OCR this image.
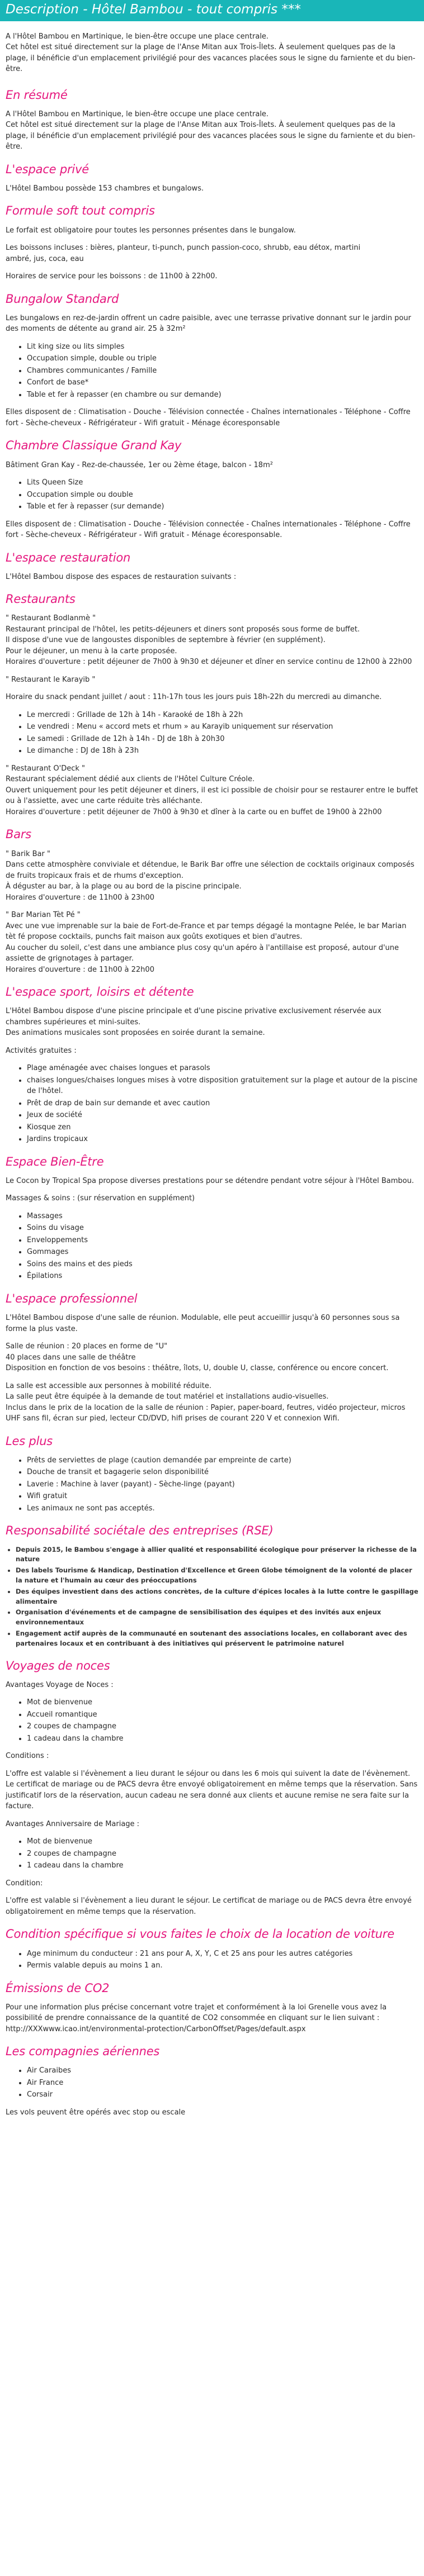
Description - Hôtel Bambou - tout compris ***

A l'Hôtel Bambou en Martinique, le bien-être occupe une place centrale.
Cet hôtel est situé directement sur la plage de l'Anse Mitan aux Trois-Îlets. À seulement quelques pas de la plage, il bénéficie d'un emplacement privilégié pour des vacances placées sous le signe du farniente et du bien-être.

En résumé

A l'Hôtel Bambou en Martinique, le bien-être occupe une place centrale.
Cet hôtel est situé directement sur la plage de l'Anse Mitan aux Trois-Îlets. À seulement quelques pas de la plage, il bénéficie d'un emplacement privilégié pour des vacances placées sous le signe du farniente et du bien-être.

L'espace privé

L'Hôtel Bambou possède 153 chambres et bungalows.

Formule soft tout compris

Le forfait est obligatoire pour toutes les personnes présentes dans le bungalow.

Les boissons incluses : bières, planteur, ti-punch, punch passion-coco, shrubb, eau détox, martini
ambré, jus, coca, eau

Horaires de service pour les boissons : de 11h00 à 22h00.

Bungalow Standard

Les bungalows en rez-de-jardin offrent un cadre paisible, avec une terrasse privative donnant sur le jardin pour des moments de détente au grand air. 25 à 32m²

• Lit king size ou lits simples
• Occupation simple, double ou triple
• Chambres communicantes / Famille
• Confort de base*
• Table et fer à repasser (en chambre ou sur demande)

Elles disposent de : Climatisation - Douche - Télévision connectée - Chaînes internationales - Téléphone - Coffre fort - Sèche-cheveux - Réfrigérateur - Wifi gratuit - Ménage écoresponsable

Chambre Classique Grand Kay

Bâtiment Gran Kay - Rez-de-chaussée, 1er ou 2ème étage, balcon - 18m²

• Lits Queen Size
• Occupation simple ou double
• Table et fer à repasser (sur demande)

Elles disposent de : Climatisation - Douche - Télévision connectée - Chaînes internationales - Téléphone - Coffre fort - Sèche-cheveux - Réfrigérateur - Wifi gratuit - Ménage écoresponsable.

L'espace restauration

L'Hôtel Bambou dispose des espaces de restauration suivants :

Restaurants

" Restaurant Bodlanmè "
Restaurant principal de l'hôtel, les petits-déjeuners et diners sont proposés sous forme de buffet.
Il dispose d'une vue de langoustes disponibles de septembre à février (en supplément).
Pour le déjeuner, un menu à la carte proposée.
Horaires d'ouverture : petit déjeuner de 7h00 à 9h30 et déjeuner et dîner en service continu de 12h00 à 22h00

" Restaurant le Karayib "

Horaire du snack pendant juillet / aout : 11h-17h tous les jours puis 18h-22h du mercredi au dimanche.

• Le mercredi : Grillade de 12h à 14h - Karaoké de 18h à 22h
• Le vendredi : Menu « accord mets et rhum » au Karayib uniquement sur réservation
• Le samedi : Grillade de 12h à 14h - DJ de 18h à 20h30
• Le dimanche : DJ de 18h à 23h

" Restaurant O'Deck "
Restaurant spécialement dédié aux clients de l'Hôtel Culture Créole.
Ouvert uniquement pour les petit déjeuner et diners, il est ici possible de choisir pour se restaurer entre le buffet ou à l'assiette, avec une carte réduite très alléchante.
Horaires d'ouverture : petit déjeuner de 7h00 à 9h30 et dîner à la carte ou en buffet de 19h00 à 22h00

Bars

" Barik Bar "
Dans cette atmosphère conviviale et détendue, le Barik Bar offre une sélection de cocktails originaux composés de fruits tropicaux frais et de rhums d'exception.
À déguster au bar, à la plage ou au bord de la piscine principale.
Horaires d'ouverture : de 11h00 à 23h00

" Bar Marian Tèt Pé "
Avec une vue imprenable sur la baie de Fort-de-France et par temps dégagé la montagne Pelée, le bar Marian tèt fé propose cocktails, punchs fait maison aux goûts exotiques et bien d'autres.
Au coucher du soleil, c'est dans une ambiance plus cosy qu'un apéro à l'antillaise est proposé, autour d'une assiette de grignotages à partager.
Horaires d'ouverture : de 11h00 à 22h00

L'espace sport, loisirs et détente

L'Hôtel Bambou dispose d'une piscine principale et d'une piscine privative exclusivement réservée aux chambres supérieures et mini-suites.
Des animations musicales sont proposées en soirée durant la semaine.

Activités gratuites :

• Plage aménagée avec chaises longues et parasols
• chaises longues/chaises longues mises à votre disposition gratuitement sur la plage et autour de la piscine de l'hôtel.
• Prêt de drap de bain sur demande et avec caution
• Jeux de société
• Kiosque zen
• Jardins tropicaux
Espace Bien-Être

Le Cocon by Tropical Spa propose diverses prestations pour se détendre pendant votre séjour à l'Hôtel Bambou.

Massages & soins : (sur réservation en supplément)

• Massages
• Soins du visage
• Enveloppements
• Gommages
• Soins des mains et des pieds
• Épilations
L'espace professionnel

L'Hôtel Bambou dispose d'une salle de réunion. Modulable, elle peut accueillir jusqu'à 60 personnes sous sa forme la plus vaste.

Salle de réunion : 20 places en forme de "U"
40 places dans une salle de théâtre
Disposition en fonction de vos besoins : théâtre, îlots, U, double U, classe, conférence ou encore concert.

La salle est accessible aux personnes à mobilité réduite.
La salle peut être équipée à la demande de tout matériel et installations audio-visuelles.
Inclus dans le prix de la location de la salle de réunion : Papier, paper-board, feutres, vidéo projecteur, micros UHF sans fil, écran sur pied, lecteur CD/DVD, hifi prises de courant 220 V et connexion Wifi.

Les plus
• Prêts de serviettes de plage (caution demandée par empreinte de carte)
• Douche de transit et bagagerie selon disponibilité
• Laverie : Machine à laver (payant) - Sèche-linge (payant)
• Wifi gratuit
• Les animaux ne sont pas acceptés.
Responsabilité sociétale des entreprises (RSE)
• Depuis 2015, le Bambou s'engage à allier qualité et responsabilité écologique pour préserver la richesse de la nature
• Des labels Tourisme & Handicap, Destination d'Excellence et Green Globe témoignent de la volonté de placer la nature et l'humain au cœur des préoccupations
• Des équipes investient dans des actions concrètes, de la culture d'épices locales à la lutte contre le gaspillage alimentaire
• Organisation d'événements et de campagne de sensibilisation des équipes et des invités aux enjeux environnementaux
• Engagement actif auprès de la communauté en soutenant des associations locales, en collaborant avec des partenaires locaux et en contribuant à des initiatives qui préservent le patrimoine naturel
Voyages de noces

Avantages Voyage de Noces :

• Mot de bienvenue
• Accueil romantique
• 2 coupes de champagne
• 1 cadeau dans la chambre

Conditions :

L'offre est valable si l'évènement a lieu durant le séjour ou dans les 6 mois qui suivent la date de l'évènement. Le certificat de mariage ou de PACS devra être envoyé obligatoirement en même temps que la réservation. Sans justificatif lors de la réservation, aucun cadeau ne sera donné aux clients et aucune remise ne sera faite sur la facture.

Avantages Anniversaire de Mariage :

• Mot de bienvenue
• 2 coupes de champagne
• 1 cadeau dans la chambre

Condition:

L'offre est valable si l'évènement a lieu durant le séjour. Le certificat de mariage ou de PACS devra être envoyé obligatoirement en même temps que la réservation.

Condition spécifique si vous faites le choix de la location de voiture
• Age minimum du conducteur : 21 ans pour A, X, Y, C et 25 ans pour les autres catégories
• Permis valable depuis au moins 1 an.
Émissions de CO2

Pour une information plus précise concernant votre trajet et conformément à la loi Grenelle vous avez la possibilité de prendre connaissance de la quantité de CO2 consommée en cliquant sur le lien suivant :
http://XXXwww.icao.int/environmental-protection/CarbonOffset/Pages/default.aspx

Les compagnies aériennes
• Air Caraibes
• Air France
• Corsair

Les vols peuvent être opérés avec stop ou escale
